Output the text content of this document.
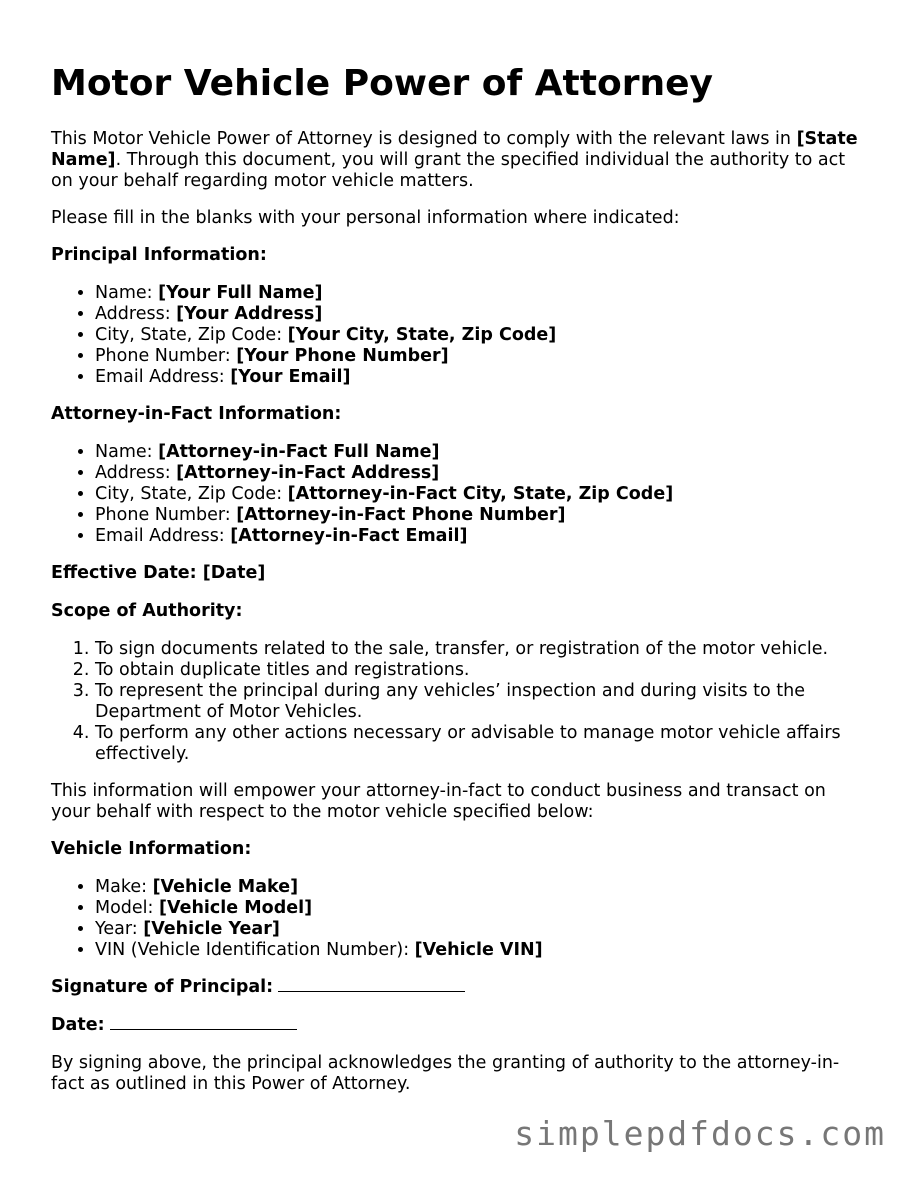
Motor Vehicle Power of Attorney

This Motor Vehicle Power of Attorney is designed to comply with the relevant laws in [State Name]. Through this document, you will grant the specified individual the authority to act on your behalf regarding motor vehicle matters.

Please fill in the blanks with your personal information where indicated:

Principal Information:

• Name: [Your Full Name]
• Address: [Your Address]
• City, State, Zip Code: [Your City, State, Zip Code]
• Phone Number: [Your Phone Number]
• Email Address: [Your Email]

Attorney-in-Fact Information:

• Name: [Attorney-in-Fact Full Name]
• Address: [Attorney-in-Fact Address]
• City, State, Zip Code: [Attorney-in-Fact City, State, Zip Code]
• Phone Number: [Attorney-in-Fact Phone Number]
• Email Address: [Attorney-in-Fact Email]

Effective Date: [Date]

Scope of Authority:

1. To sign documents related to the sale, transfer, or registration of the motor vehicle.
2. To obtain duplicate titles and registrations.
3. To represent the principal during any vehicles’ inspection and during visits to the Department of Motor Vehicles.
4. To perform any other actions necessary or advisable to manage motor vehicle affairs effectively.

This information will empower your attorney-in-fact to conduct business and transact on your behalf with respect to the motor vehicle specified below:

Vehicle Information:

• Make: [Vehicle Make]
• Model: [Vehicle Model]
• Year: [Vehicle Year]
• VIN (Vehicle Identification Number): [Vehicle VIN]

Signature of Principal:

Date:

By signing above, the principal acknowledges the granting of authority to the attorney-in-fact as outlined in this Power of Attorney.

simplepdfdocs.com
